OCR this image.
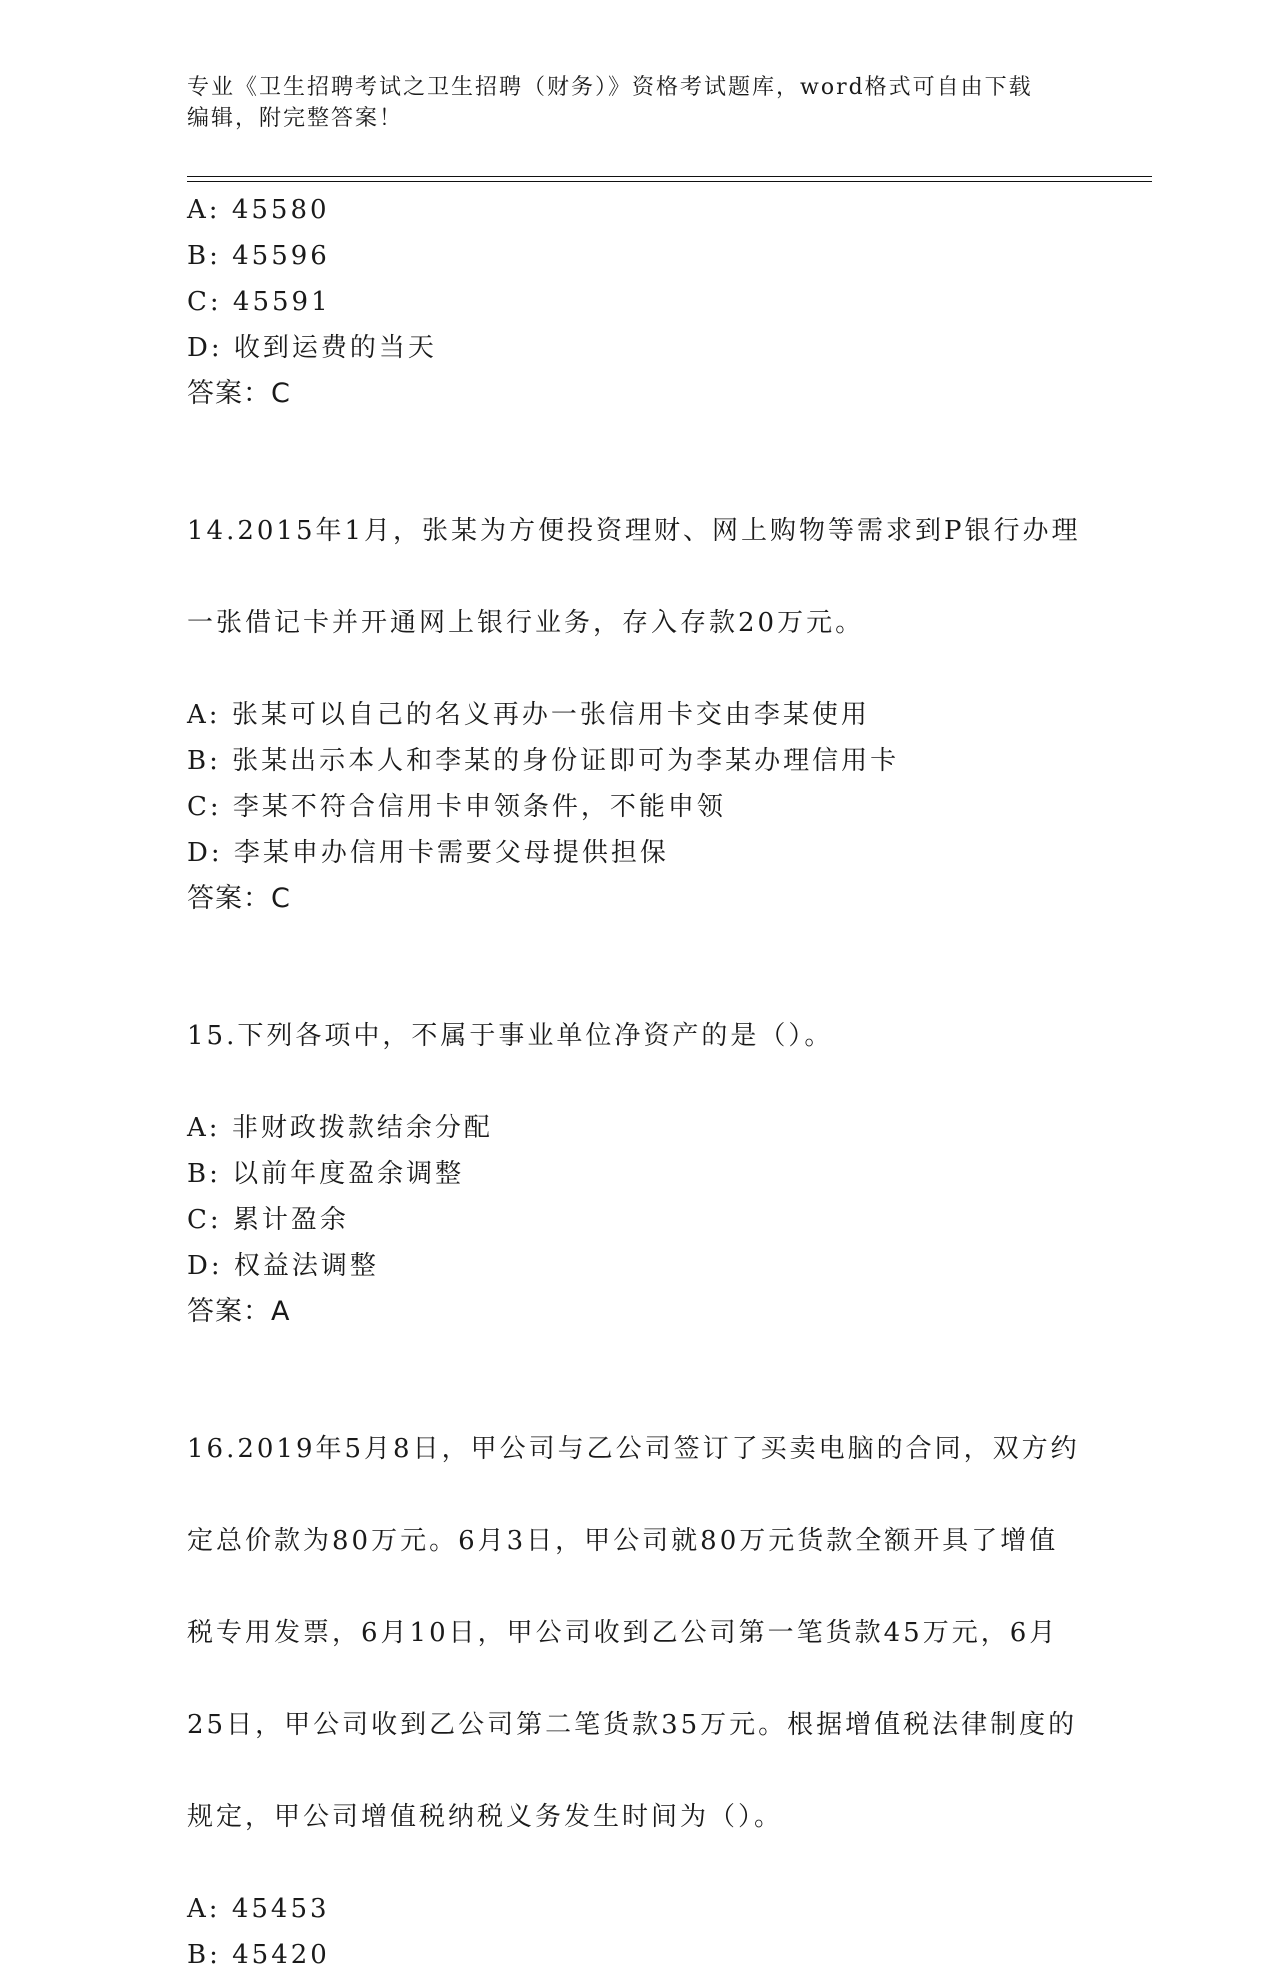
专业《卫生招聘考试之卫生招聘（财务）》资格考试题库，word格式可自由下载
编辑，附完整答案！
A: 45580
B: 45596
C: 45591
D: 收到运费的当天
答案：C

14.2015年1月，张某为方便投资理财、网上购物等需求到P银行办理

一张借记卡并开通网上银行业务，存入存款20万元。

A: 张某可以自己的名义再办一张信用卡交由李某使用
B: 张某出示本人和李某的身份证即可为李某办理信用卡
C: 李某不符合信用卡申领条件，不能申领
D: 李某申办信用卡需要父母提供担保
答案：C

15.下列各项中，不属于事业单位净资产的是（）。

A: 非财政拨款结余分配
B: 以前年度盈余调整
C: 累计盈余
D: 权益法调整
答案：A

16.2019年5月8日，甲公司与乙公司签订了买卖电脑的合同，双方约

定总价款为80万元。6月3日，甲公司就80万元货款全额开具了增值

税专用发票，6月10日，甲公司收到乙公司第一笔货款45万元，6月

25日，甲公司收到乙公司第二笔货款35万元。根据增值税法律制度的

规定，甲公司增值税纳税义务发生时间为（）。

A: 45453
B: 45420
